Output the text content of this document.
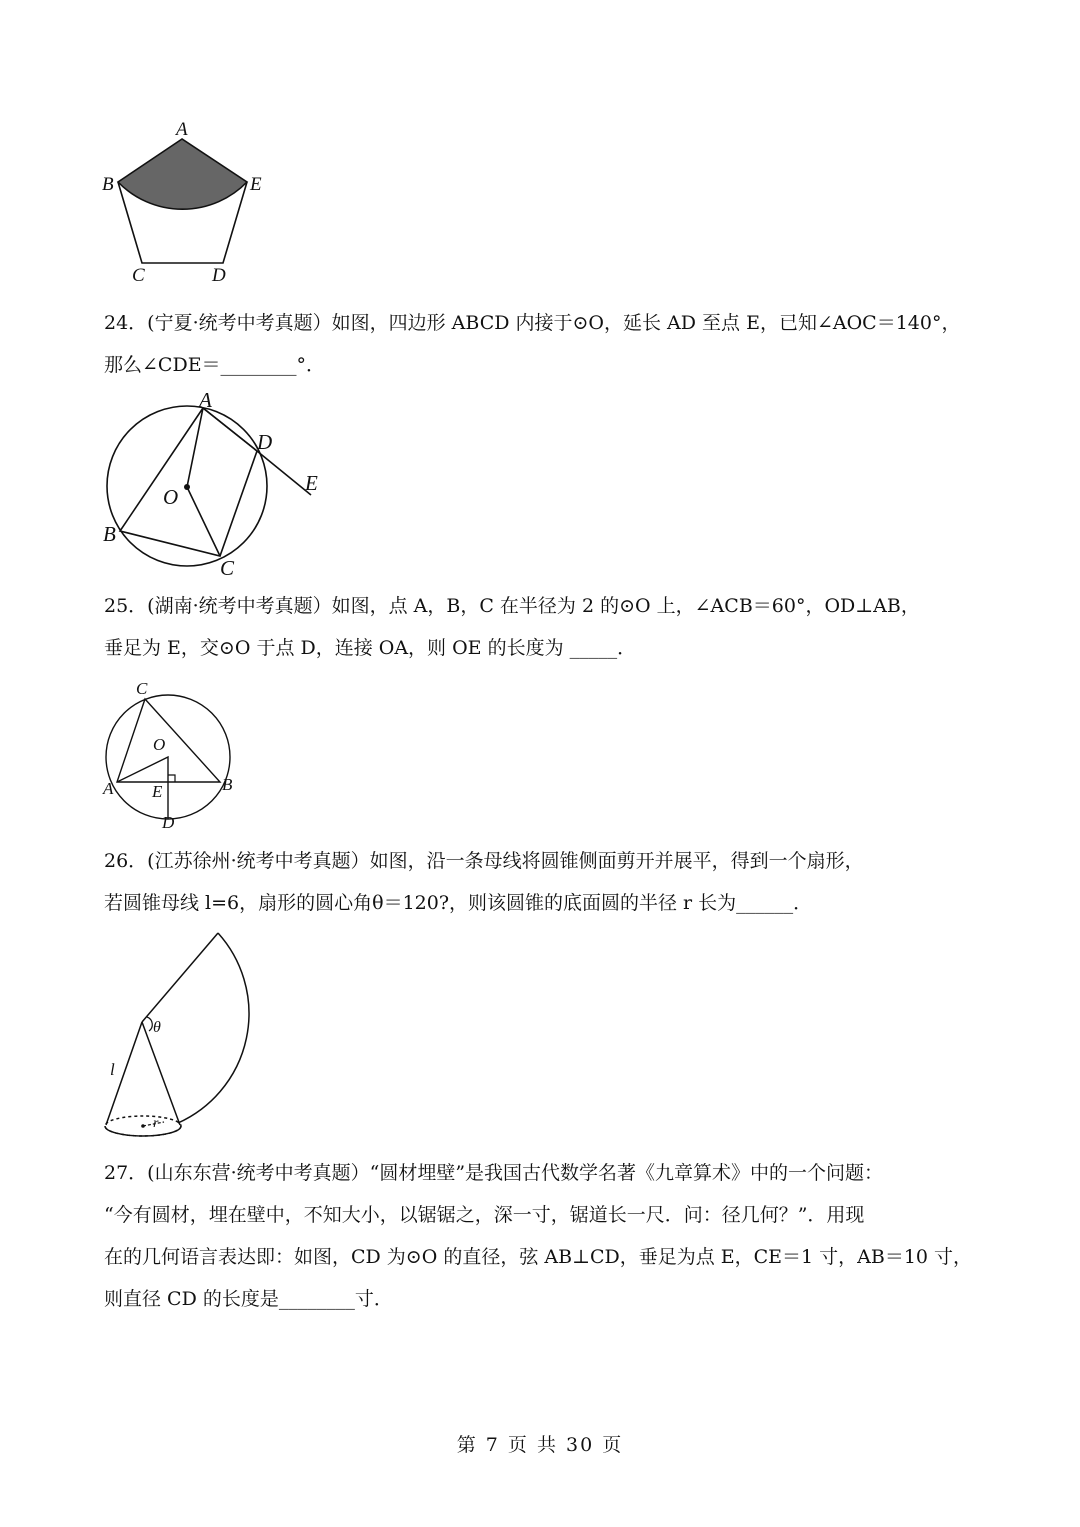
A
B	E
C	D
24．(宁夏·统考中考真题）如图，四边形 ABCD 内接于⊙O，延长 AD 至点 E，已知∠AOC＝140°，
那么∠CDE＝________°．
A
D
E
O
B
C
25．(湖南·统考中考真题）如图，点 A，B，C 在半径为 2 的⊙O 上，∠ACB＝60°，OD⊥AB，
垂足为 E，交⊙O 于点 D，连接 OA，则 OE 的长度为 _____．
C
O
A E	B
D
26．(江苏徐州·统考中考真题）如图，沿一条母线将圆锥侧面剪开并展平，得到一个扇形，
若圆锥母线 l=6，扇形的圆心角θ＝120?，则该圆锥的底面圆的半径 r 长为______．
θ
l
r
27．(山东东营·统考中考真题）“圆材埋壁”是我国古代数学名著《九章算术》中的一个问题：
“今有圆材，埋在壁中，不知大小，以锯锯之，深一寸，锯道长一尺．问：径几何？”．用现
在的几何语言表达即：如图，CD 为⊙O 的直径，弦 AB⊥CD，垂足为点 E，CE＝1 寸，AB＝10 寸，
则直径 CD 的长度是________寸．
第 7 页 共 30 页
